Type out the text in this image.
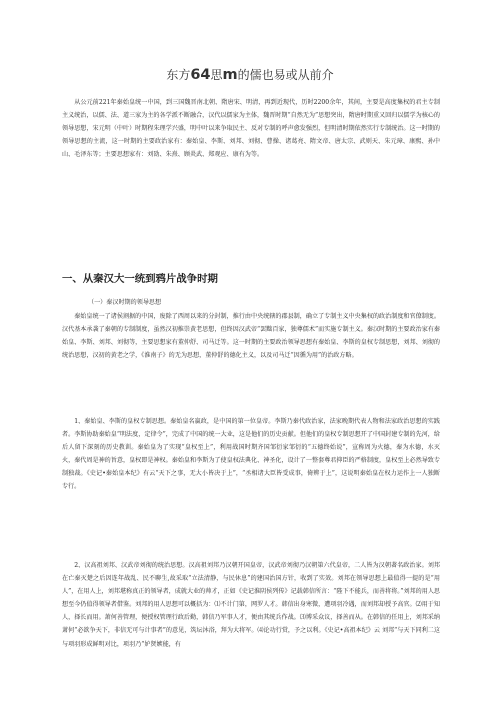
东方64思m的儒也易或从前介

从公元前221年秦始皇统一中国，到三国魏晋南北朝、隋唐宋、明清，再到近现代，历时2200余年，其间，主要是高度集权的君主专制主义统治，以儒、法、道三家为主的各学派不断融合，汉代以儒家为主体，魏晋时期“自然无为”思想突出，隋唐时期重又回归以儒学为核心的领导思想，宋元明（中叶）时期程朱理学兴盛，明中叶以来争取民主、反对专制的呼声愈发强烈，但明清时期依然实行专制统治。这一时期的领导思想的主流，这一时期的主要政治家有：秦始皇、李斯、刘邦、刘彻、曹操、诸葛亮、隋文帝、唐太宗、武则天、朱元璋、康熙、孙中山、毛泽东等；主要思想家有：刘劭、朱熹、顾炎武、郑观应、康有为等。

一、从秦汉大一统到鸦片战争时期

（一）秦汉时期的领导思想

秦始皇统一了诸侯割据的中国，废除了西周以来的分封制，推行由中央统辖的郡县制，确立了专制主义中央集权的政治制度和官僚制度。汉代基本承袭了秦朝的专制制度，虽然汉初推崇黄老思想，但终因汉武帝“罢黜百家，独尊儒术”而实施专制主义。秦汉时期的主要政治家有秦始皇、李斯、刘邦、刘彻等，主要思想家有董仲舒、司马迁等。这一时期的主要政治领导思想有秦始皇、李斯的皇权专制思想，刘邦、刘彻的统治思想，汉初的黄老之学，《淮南子》的无为思想，董仲舒的德化主义，以及司马迁“因循为用”的治政方略。

1、秦始皇、李斯的皇权专制思想。秦始皇名嬴政，是中国的第一位皇帝。李斯乃秦代政治家，法家晚期代表人物和法家政治思想的实践者。李斯协助秦始皇“明法度，定律令”，完成了中国的统一大业，这是他们的历史贡献。但他们的皇权专制思想开了中国封建专制的先河，给后人留下深刻的历史教训。秦始皇为了实现“皇权至上”，利用战国时期齐国邹衍家邹衍的“五德终始说”，宣称周为火德，秦为水德，水灭火，秦代周是神的旨意，皇权即是神权。秦始皇和李斯为了使皇权法典化、神圣化，设计了一整套尊君抑臣的严格制度，皇权至上必然导致专制独裁。《史记•秦始皇本纪》有云“天下之事，无大小皆决于上”，“丞相诸大臣皆受成事，倚辨于上”，这说明秦始皇在权力运作上一人独断专行。

2、汉高祖刘邦、汉武帝刘彻的统治思想。汉高祖刘邦乃汉朝开国皇帝，汉武帝刘彻乃汉朝第六代皇帝，二人皆为汉朝著名政治家。刘邦在亡秦灭楚之后因连年战乱、民不聊生,故采取“立法清静，与民休息”的建国治国方针，收到了实效。刘邦在领导思想上最值得一提的是“用人”，在用人上，刘邦堪称真正的领导者，成就大业的帅才，正如《史记淮阴侯列传》记载韩信所言：“陛下不能兵，而善将将。”刘邦的用人思想至今仍值得领导者借鉴。刘邦的用人思想可以概括为：⑴不计门第，网罗人才。韩信出身寒微，遭项羽冷遇，而刘邦却授予高官。⑵用于知人，择长而用。萧何善管理，便授权管理行政后勤，韩信乃军事人才，便由其统兵作战。⑶博采众议，择善而从。在韩信的任用上，刘邦采纳萧何“必欲争天下，非信无可与计事者”的意见，筑坛沐浴，拜为大将军。⑷论功行赏，予之以利。《史记•高祖本纪》云 刘邦“与天下同利二这与项羽形成鲜明对比，项羽乃“妒贤嫉能，有
